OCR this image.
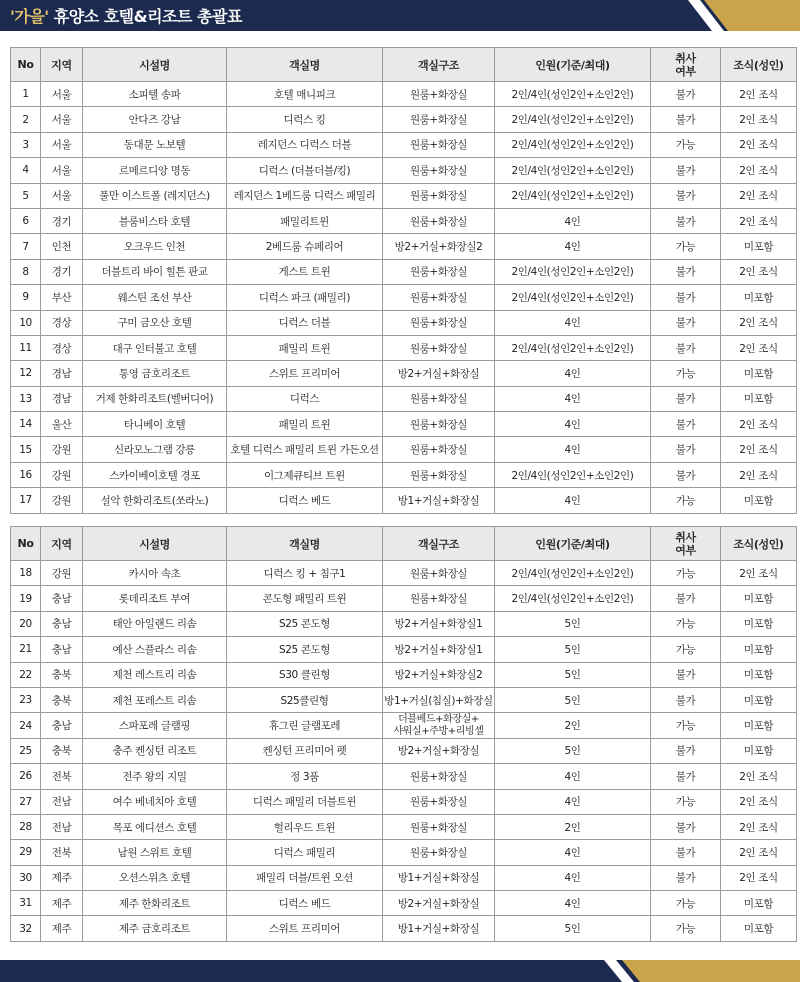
'가을' 휴양소 호텔&리조트 총괄표
No	지역	시설명	객실명	객실구조	인원(기준/최대)	취사 여부	조식(성인)
1	서울	소피텔 송파	호텔 매니피크	원룸+화장실	2인/4인(성인2인+소인2인)	불가	2인 조식
2	서울	안다즈 강남	디럭스 킹	원룸+화장실	2인/4인(성인2인+소인2인)	불가	2인 조식
3	서울	동대문 노보텔	레지던스 디럭스 더블	원룸+화장실	2인/4인(성인2인+소인2인)	가능	2인 조식
4	서울	르메르디앙 명동	디럭스 (더블더블/킹)	원룸+화장실	2인/4인(성인2인+소인2인)	불가	2인 조식
5	서울	풀만 이스트폴 (레지던스)	레지던스 1베드룸 디럭스 패밀리	원룸+화장실	2인/4인(성인2인+소인2인)	불가	2인 조식
6	경기	블룸비스타 호텔	패밀리트윈	원룸+화장실	4인	불가	2인 조식
7	인천	오크우드 인천	2베드룸 슈페리어	방2+거실+화장실2	4인	가능	미포함
8	경기	더블트리 바이 힐튼 판교	게스트 트윈	원룸+화장실	2인/4인(성인2인+소인2인)	불가	2인 조식
9	부산	웨스틴 조선 부산	디럭스 파크 (패밀리)	원룸+화장실	2인/4인(성인2인+소인2인)	불가	미포함
10	경상	구미 금오산 호텔	디럭스 더블	원룸+화장실	4인	불가	2인 조식
11	경상	대구 인터불고 호텔	패밀리 트윈	원룸+화장실	2인/4인(성인2인+소인2인)	불가	2인 조식
12	경남	통영 금호리조트	스위트 프리미어	방2+거실+화장실	4인	가능	미포함
13	경남	거제 한화리조트(벨버디어)	디럭스	원룸+화장실	4인	불가	미포함
14	울산	타니베이 호텔	패밀리 트윈	원룸+화장실	4인	불가	2인 조식
15	강원	신라모노그램 강릉	호텔 디럭스 패밀리 트윈 가든오션	원룸+화장실	4인	불가	2인 조식
16	강원	스카이베이호텔 경포	이그제큐티브 트윈	원룸+화장실	2인/4인(성인2인+소인2인)	불가	2인 조식
17	강원	설악 한화리조트(쏘라노)	디럭스 베드	방1+거실+화장실	4인	가능	미포함
No	지역	시설명	객실명	객실구조	인원(기준/최대)	취사 여부	조식(성인)
18	강원	카시아 속초	디럭스 킹 + 침구1	원룸+화장실	2인/4인(성인2인+소인2인)	가능	2인 조식
19	충남	롯데리조트 부여	콘도형 패밀리 트윈	원룸+화장실	2인/4인(성인2인+소인2인)	불가	미포함
20	충남	태안 아일랜드 리솜	S25 콘도형	방2+거실+화장실1	5인	가능	미포함
21	충남	예산 스플라스 리솜	S25 콘도형	방2+거실+화장실1	5인	가능	미포함
22	충북	제천 레스트리 리솜	S30 클린형	방2+거실+화장실2	5인	불가	미포함
23	충북	제천 포레스트 리솜	S25클린형	방1+거실(침실)+화장실	5인	불가	미포함
24	충남	스파포레 글램핑	휴그린 글램포레	더블베드+화장실+
샤워실+주방+리빙셸	2인	가능	미포함
25	충북	충주 켄싱턴 리조트	켄싱턴 프리미어 펫	방2+거실+화장실	5인	불가	미포함
26	전북	전주 왕의 지밀	정 3품	원룸+화장실	4인	불가	2인 조식
27	전남	여수 베네치아 호텔	디럭스 패밀리 더블트윈	원룸+화장실	4인	가능	2인 조식
28	전남	목포 에디션스 호텔	헐리우드 트윈	원룸+화장실	2인	불가	2인 조식
29	전북	남원 스위트 호텔	디럭스 패밀리	원룸+화장실	4인	불가	2인 조식
30	제주	오션스위츠 호텔	패밀리 더블/트윈 오션	방1+거실+화장실	4인	불가	2인 조식
31	제주	제주 한화리조트	디럭스 베드	방2+거실+화장실	4인	가능	미포함
32	제주	제주 금호리조트	스위트 프리미어	방1+거실+화장실	5인	가능	미포함
